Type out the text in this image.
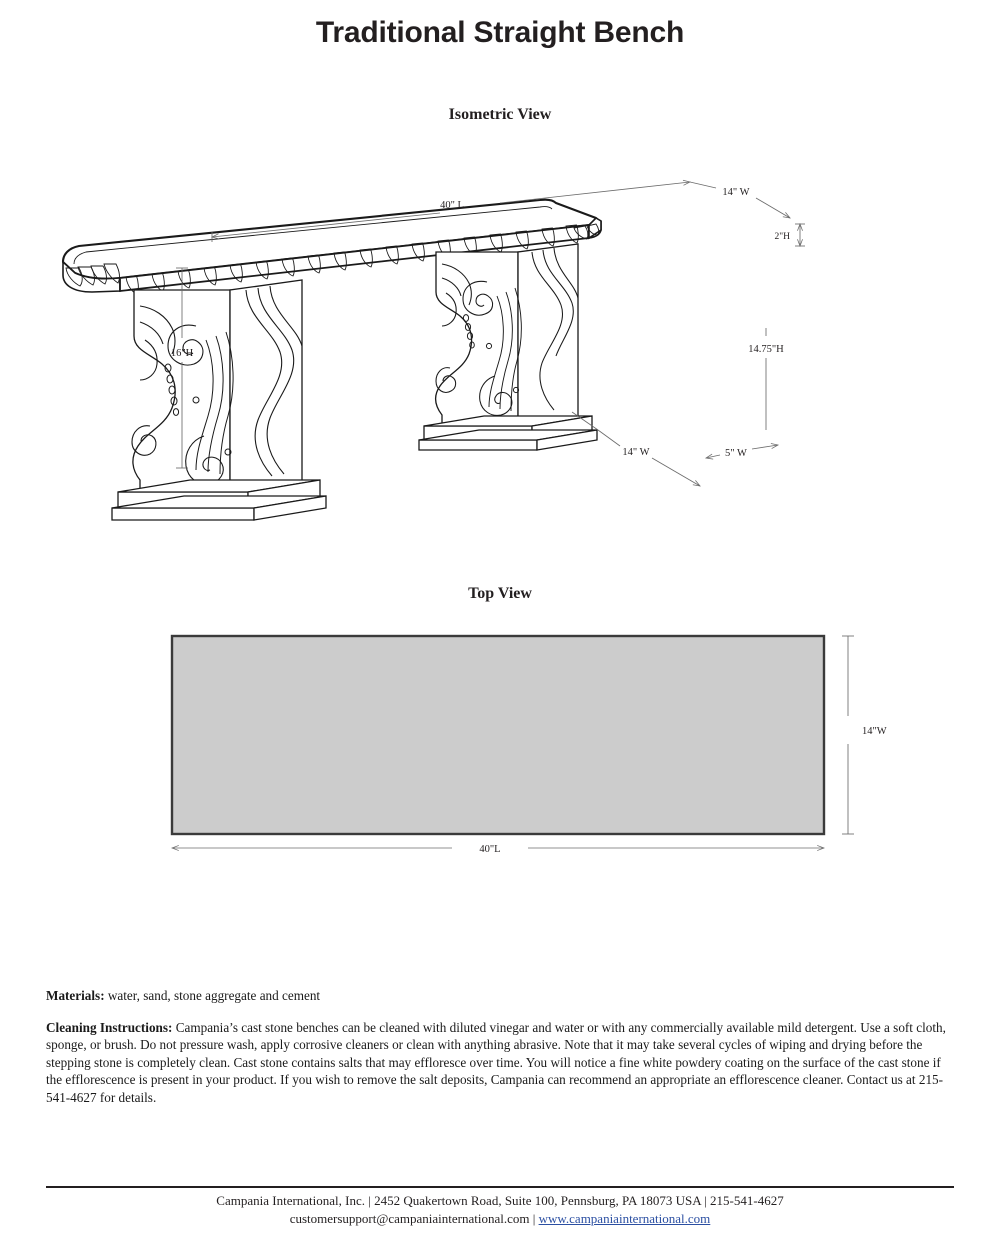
Traditional Straight Bench
Isometric View
40" L
14" W
2"H
14.75"H
16"H
14" W	5" W
Top View
14"W
40"L
Materials: water, sand, stone aggregate and cement
Cleaning Instructions: Campania’s cast stone benches can be cleaned with diluted vinegar and water or with any commercially available mild detergent. Use a soft cloth, sponge, or brush. Do not pressure wash, apply corrosive cleaners or clean with anything abrasive. Note that it may take several cycles of wiping and drying before the stepping stone is completely clean. Cast stone contains salts that may effloresce over time. You will notice a fine white powdery coating on the surface of the cast stone if the efflorescence is present in your product. If you wish to remove the salt deposits, Campania can recommend an appropriate an efflorescence cleaner. Contact us at 215-541-4627 for details.
Campania International, Inc. | 2452 Quakertown Road, Suite 100, Pennsburg, PA 18073 USA | 215-541-4627
customersupport@campaniainternational.com | www.campaniainternational.com
